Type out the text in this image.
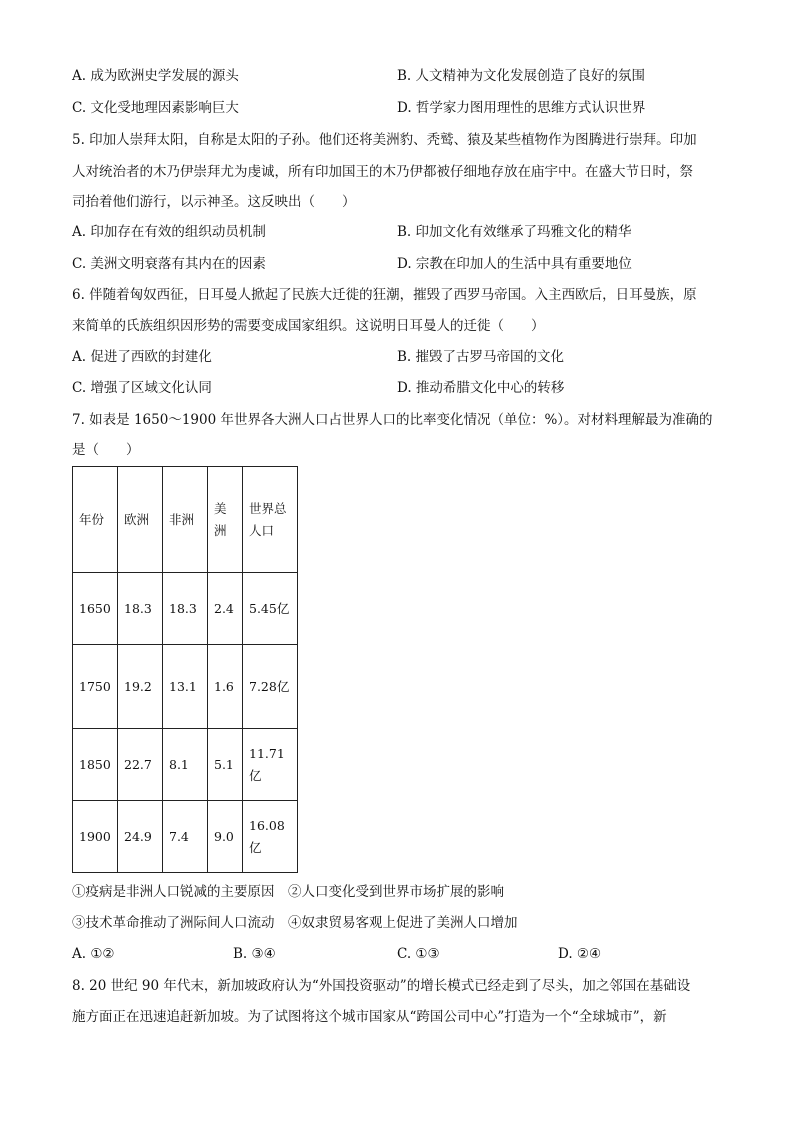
A. 成为欧洲史学发展的源头	B. 人文精神为文化发展创造了良好的氛围
C. 文化受地理因素影响巨大	D. 哲学家力图用理性的思维方式认识世界
5. 印加人崇拜太阳，自称是太阳的子孙。他们还将美洲豹、秃鹫、猿及某些植物作为图腾进行崇拜。印加
人对统治者的木乃伊崇拜尤为虔诚，所有印加国王的木乃伊都被仔细地存放在庙宇中。在盛大节日时，祭
司抬着他们游行，以示神圣。这反映出（　　）
A. 印加存在有效的组织动员机制	B. 印加文化有效继承了玛雅文化的精华
C. 美洲文明衰落有其内在的因素	D. 宗教在印加人的生活中具有重要地位
6. 伴随着匈奴西征，日耳曼人掀起了民族大迁徙的狂潮，摧毁了西罗马帝国。入主西欧后，日耳曼族，原
来简单的氏族组织因形势的需要变成国家组织。这说明日耳曼人的迁徙（　　）
A. 促进了西欧的封建化	B. 摧毁了古罗马帝国的文化
C. 增强了区域文化认同	D. 推动希腊文化中心的转移
7. 如表是 1650～1900 年世界各大洲人口占世界人口的比率变化情况（单位：%）。对材料理解最为准确的
是（　　）
年份	欧洲	非洲	美洲	世界总人口
1650	18.3	18.3	2.4	5.45亿
1750	19.2	13.1	1.6	7.28亿
1850	22.7	8.1	5.1	11.71亿
1900	24.9	7.4	9.0	16.08亿
①疫病是非洲人口锐减的主要原因　②人口变化受到世界市场扩展的影响
③技术革命推动了洲际间人口流动　④奴隶贸易客观上促进了美洲人口增加
A. ①②	B. ③④	C. ①③	D. ②④
8. 20 世纪 90 年代末，新加坡政府认为“外国投资驱动”的增长模式已经走到了尽头，加之邻国在基础设
施方面正在迅速追赶新加坡。为了试图将这个城市国家从“跨国公司中心”打造为一个“全球城市”，新
